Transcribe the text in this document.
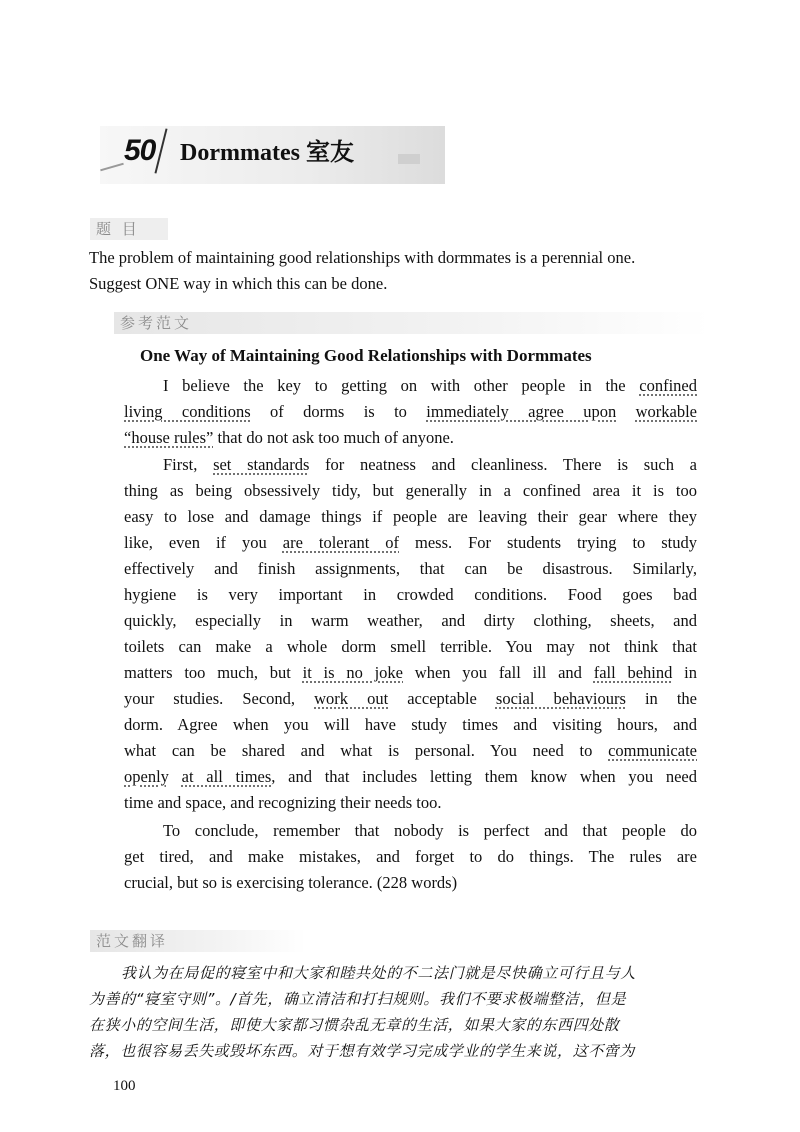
50 Dormmates 室友
题 目
The problem of maintaining good relationships with dormmates is a perennial one.
Suggest ONE way in which this can be done.
参考范文
One Way of Maintaining Good Relationships with Dormmates
I believe the key to getting on with other people in the confined
living conditions of dorms is to immediately agree upon workable
“house rules” that do not ask too much of anyone.
First, set standards for neatness and cleanliness. There is such a
thing as being obsessively tidy, but generally in a confined area it is too
easy to lose and damage things if people are leaving their gear where they
like, even if you are tolerant of mess. For students trying to study
effectively and finish assignments, that can be disastrous. Similarly,
hygiene is very important in crowded conditions. Food goes bad
quickly, especially in warm weather, and dirty clothing, sheets, and
toilets can make a whole dorm smell terrible. You may not think that
matters too much, but it is no joke when you fall ill and fall behind in
your studies. Second, work out acceptable social behaviours in the
dorm. Agree when you will have study times and visiting hours, and
what can be shared and what is personal. You need to communicate
openly at all times, and that includes letting them know when you need
time and space, and recognizing their needs too.
To conclude, remember that nobody is perfect and that people do
get tired, and make mistakes, and forget to do things. The rules are
crucial, but so is exercising tolerance. (228 words)
范文翻译
我认为在局促的寝室中和大家和睦共处的不二法门就是尽快确立可行且与人
为善的“寝室守则”。/首先，确立清洁和打扫规则。我们不要求极端整洁，但是
在狭小的空间生活，即使大家都习惯杂乱无章的生活，如果大家的东西四处散
落，也很容易丢失或毁坏东西。对于想有效学习完成学业的学生来说，这不啻为
100
